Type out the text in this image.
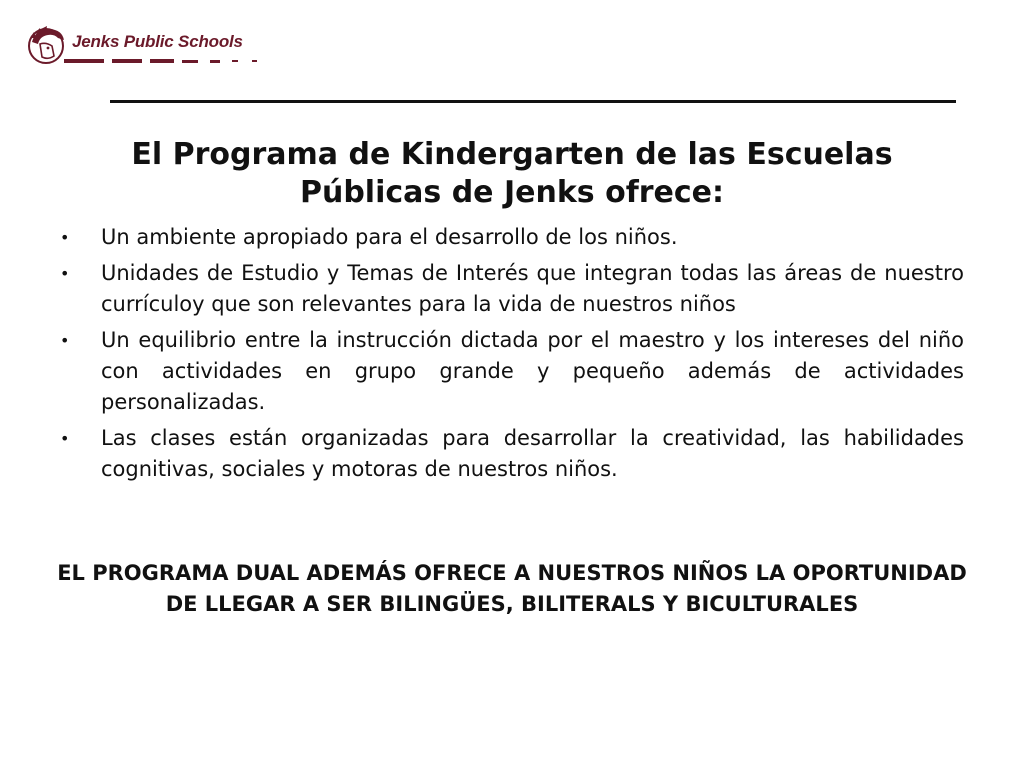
Jenks Public Schools
El Programa de Kindergarten de las Escuelas Públicas de Jenks ofrece:
• Un ambiente apropiado para el desarrollo de los niños.
• Unidades de Estudio y Temas de Interés que integran todas las áreas de nuestro currículoy que son relevantes para la vida de nuestros niños
• Un equilibrio entre la instrucción dictada por el maestro y los intereses del niño con actividades en grupo grande y pequeño además de actividades personalizadas.
• Las clases están organizadas para desarrollar la creatividad, las habilidades cognitivas, sociales y motoras de nuestros niños.

EL PROGRAMA DUAL ADEMÁS OFRECE A NUESTROS NIÑOS LA OPORTUNIDAD DE LLEGAR A SER BILINGÜES, BILITERALS Y BICULTURALES
